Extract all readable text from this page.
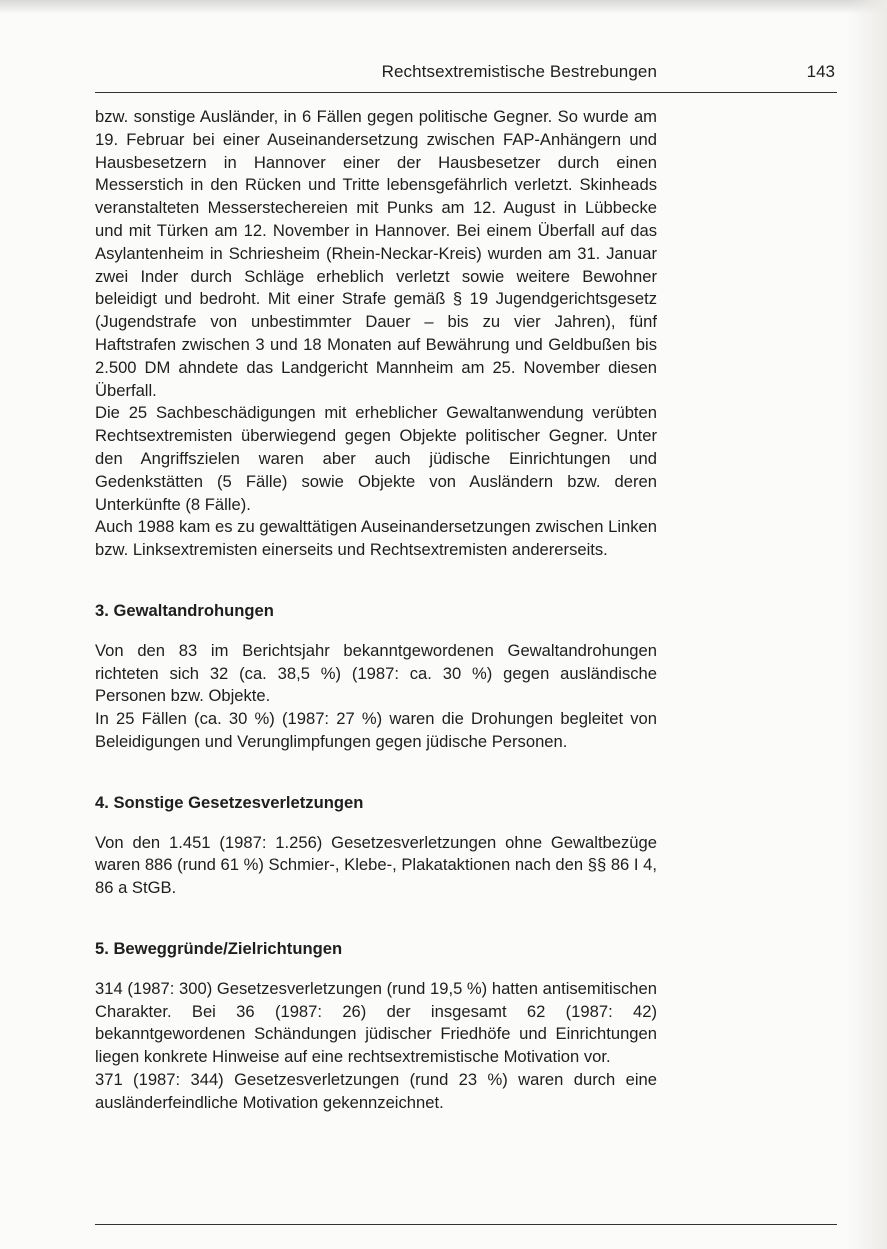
Rechtsextremistische Bestrebungen	143

bzw. sonstige Ausländer, in 6 Fällen gegen politische Gegner. So wurde am 19. Februar bei einer Auseinandersetzung zwischen FAP-Anhängern und Hausbesetzern in Hannover einer der Hausbesetzer durch einen Messerstich in den Rücken und Tritte lebensgefährlich verletzt. Skinheads veranstalteten Messerstechereien mit Punks am 12. August in Lübbecke und mit Türken am 12. November in Hannover. Bei einem Überfall auf das Asylantenheim in Schriesheim (Rhein-Neckar-Kreis) wurden am 31. Januar zwei Inder durch Schläge erheblich verletzt sowie weitere Bewohner beleidigt und bedroht. Mit einer Strafe gemäß § 19 Jugendgerichtsgesetz (Jugendstrafe von unbestimmter Dauer – bis zu vier Jahren), fünf Haftstrafen zwischen 3 und 18 Monaten auf Bewährung und Geldbußen bis 2.500 DM ahndete das Landgericht Mannheim am 25. November diesen Überfall.

Die 25 Sachbeschädigungen mit erheblicher Gewaltanwendung verübten Rechtsextremisten überwiegend gegen Objekte politischer Gegner. Unter den Angriffszielen waren aber auch jüdische Einrichtungen und Gedenkstätten (5 Fälle) sowie Objekte von Ausländern bzw. deren Unterkünfte (8 Fälle).

Auch 1988 kam es zu gewalttätigen Auseinandersetzungen zwischen Linken bzw. Linksextremisten einerseits und Rechtsextremisten andererseits.

3. Gewaltandrohungen

Von den 83 im Berichtsjahr bekanntgewordenen Gewaltandrohungen richteten sich 32 (ca. 38,5 %) (1987: ca. 30 %) gegen ausländische Personen bzw. Objekte.

In 25 Fällen (ca. 30 %) (1987: 27 %) waren die Drohungen begleitet von Beleidigungen und Verunglimpfungen gegen jüdische Personen.

4. Sonstige Gesetzesverletzungen

Von den 1.451 (1987: 1.256) Gesetzesverletzungen ohne Gewaltbezüge waren 886 (rund 61 %) Schmier-, Klebe-, Plakataktionen nach den §§ 86 I 4, 86 a StGB.

5. Beweggründe/Zielrichtungen

314 (1987: 300) Gesetzesverletzungen (rund 19,5 %) hatten antisemitischen Charakter. Bei 36 (1987: 26) der insgesamt 62 (1987: 42) bekanntgewordenen Schändungen jüdischer Friedhöfe und Einrichtungen liegen konkrete Hinweise auf eine rechtsextremistische Motivation vor.

371 (1987: 344) Gesetzesverletzungen (rund 23 %) waren durch eine ausländerfeindliche Motivation gekennzeichnet.
